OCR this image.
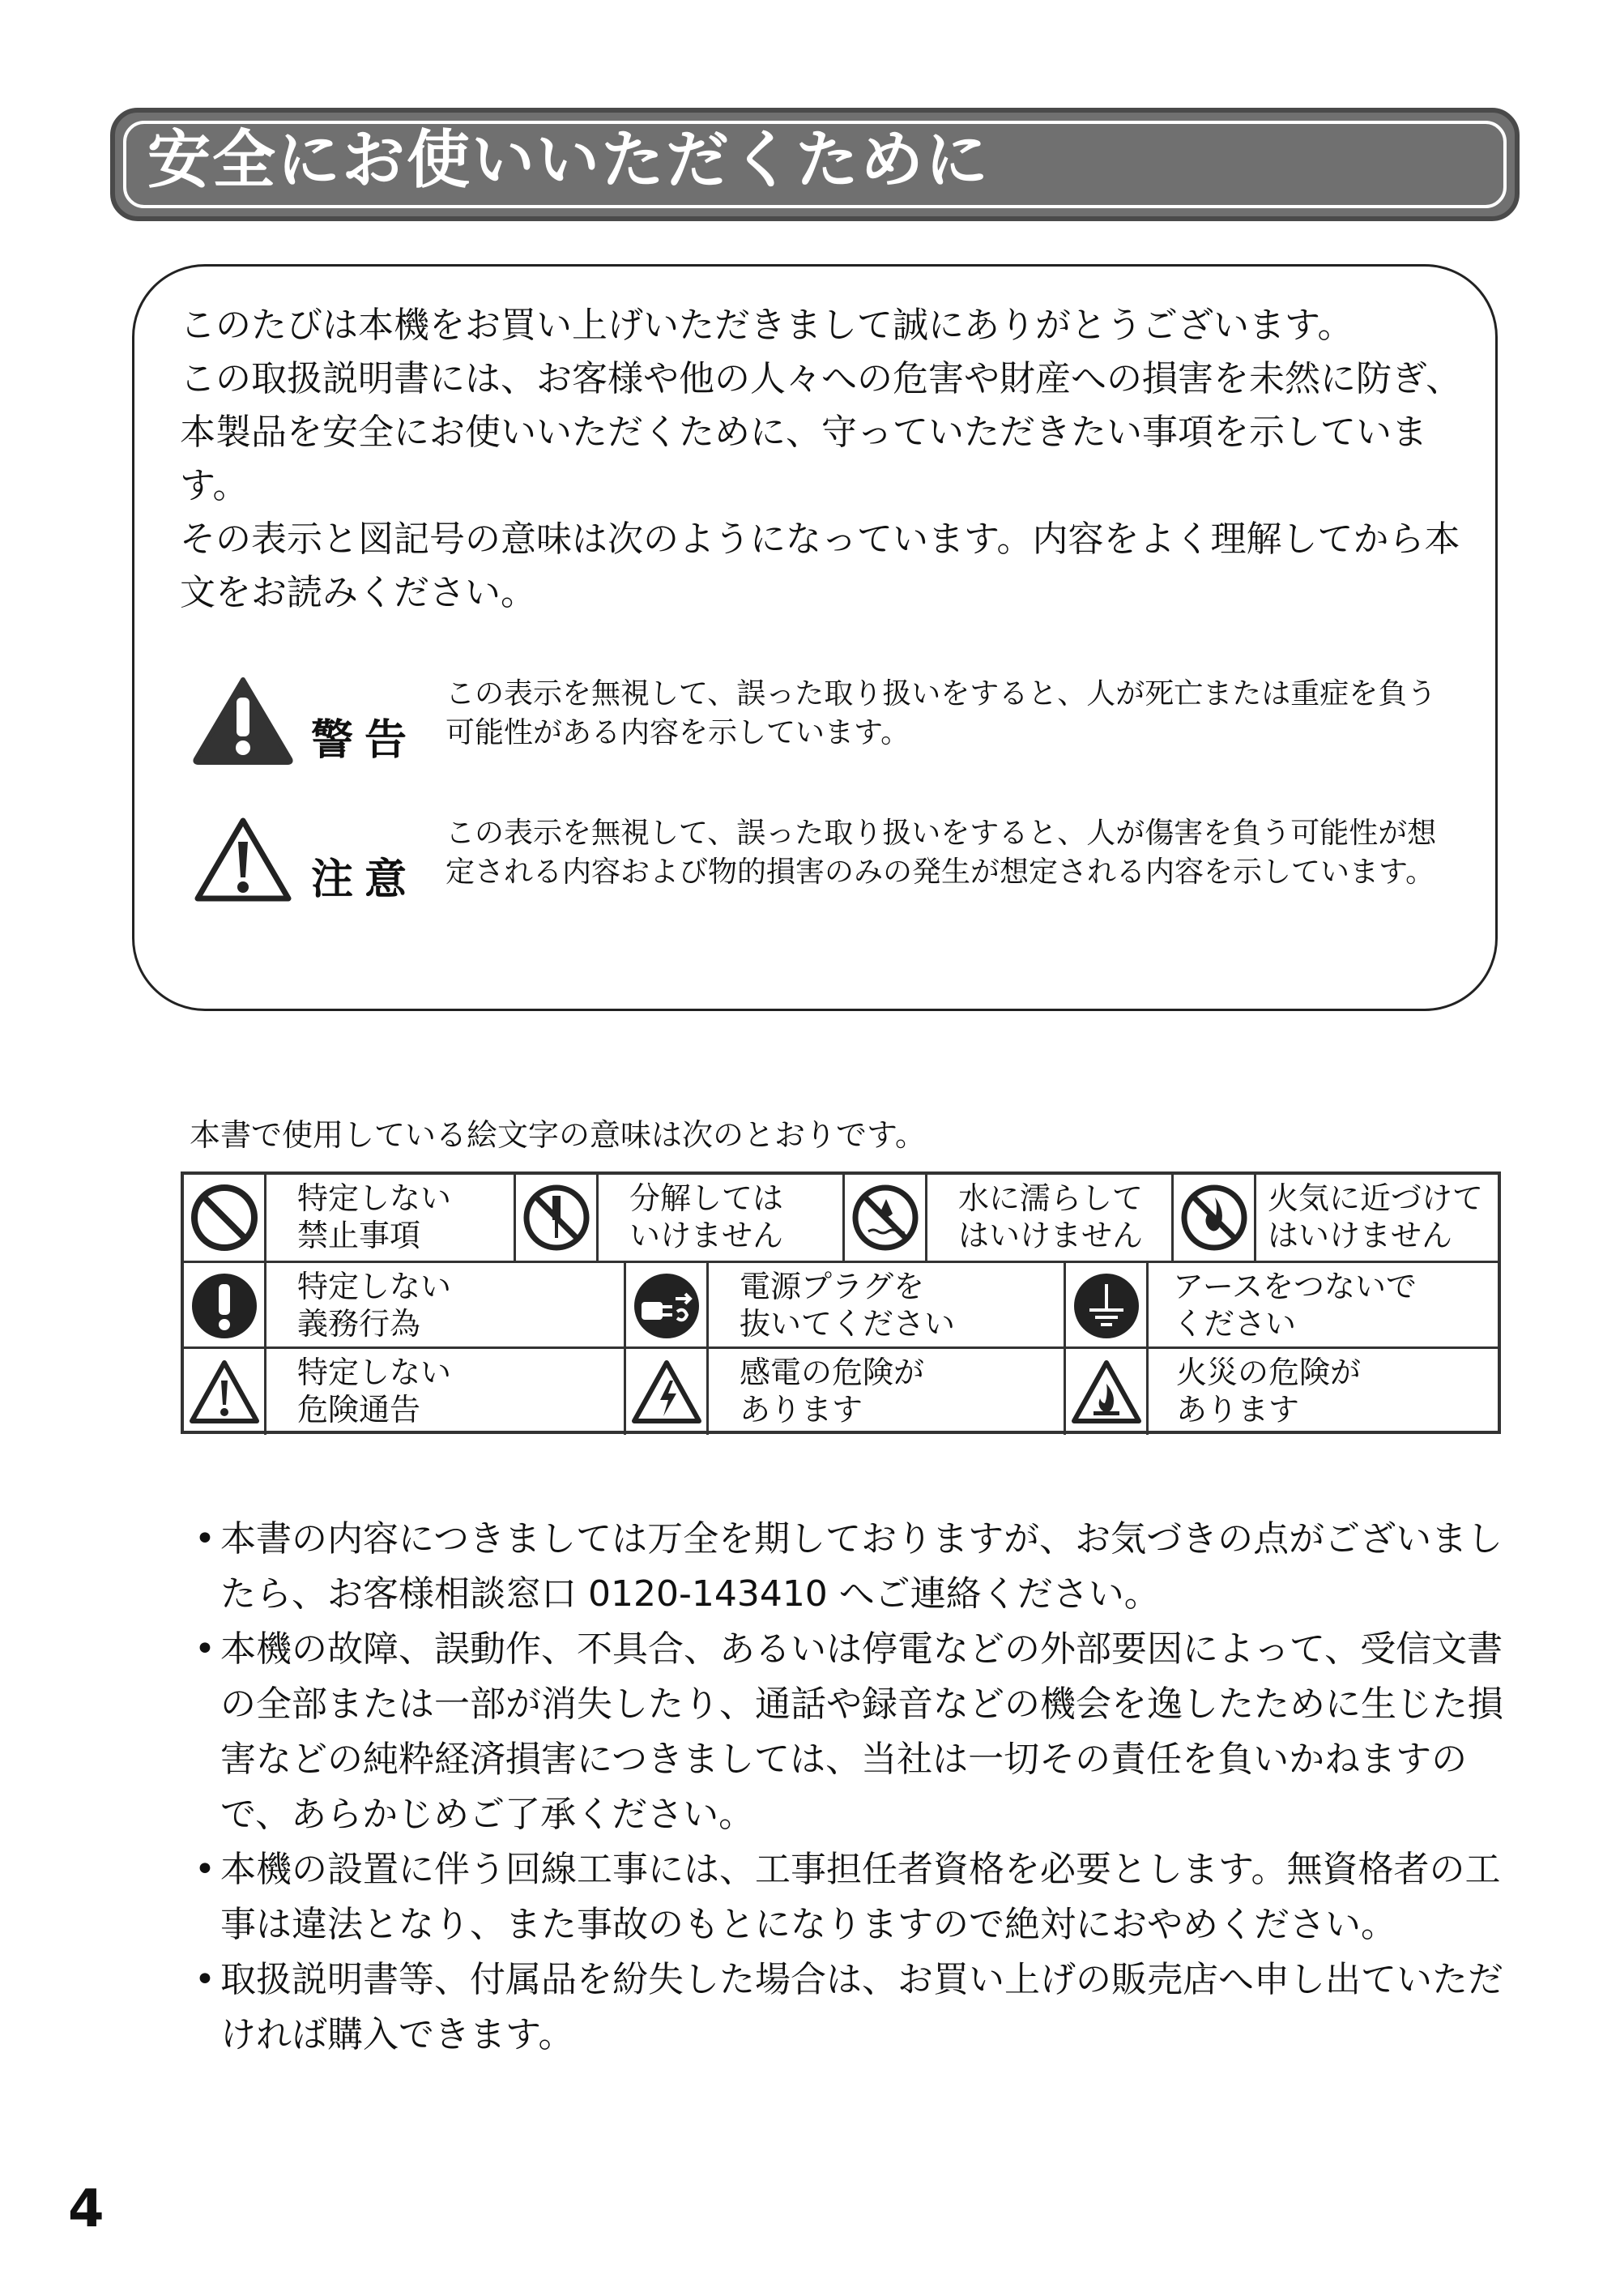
安全にお使いいただくために

このたびは本機をお買い上げいただきまして誠にありがとうございます。

この取扱説明書には、お客様や他の人々への危害や財産への損害を未然に防ぎ、本製品を安全にお使いいただくために、守っていただきたい事項を示しています。

その表示と図記号の意味は次のようになっています。内容をよく理解してから本文をお読みください。

警告
この表示を無視して、誤った取り扱いをすると、人が死亡または重症を負う可能性がある内容を示しています。
注意
この表示を無視して、誤った取り扱いをすると、人が傷害を負う可能性が想定される内容および物的損害のみの発生が想定される内容を示しています。
本書で使用している絵文字の意味は次のとおりです。
特定しない
禁止事項
分解しては
いけません
水に濡らして
はいけません
火気に近づけて
はいけません
特定しない
義務行為
電源プラグを
抜いてください
アースをつないで
ください
特定しない
危険通告
感電の危険が
あります
火災の危険が
あります

• 本書の内容につきましては万全を期しておりますが、お気づきの点がございましたら、お客様相談窓口 0120-143410 へご連絡ください。

• 本機の故障、誤動作、不具合、あるいは停電などの外部要因によって、受信文書の全部または一部が消失したり、通話や録音などの機会を逸したために生じた損害などの純粋経済損害につきましては、当社は一切その責任を負いかねますので、あらかじめご了承ください。

• 本機の設置に伴う回線工事には、工事担任者資格を必要とします。無資格者の工事は違法となり、また事故のもとになりますので絶対におやめください。

• 取扱説明書等、付属品を紛失した場合は、お買い上げの販売店へ申し出ていただければ購入できます。

4
